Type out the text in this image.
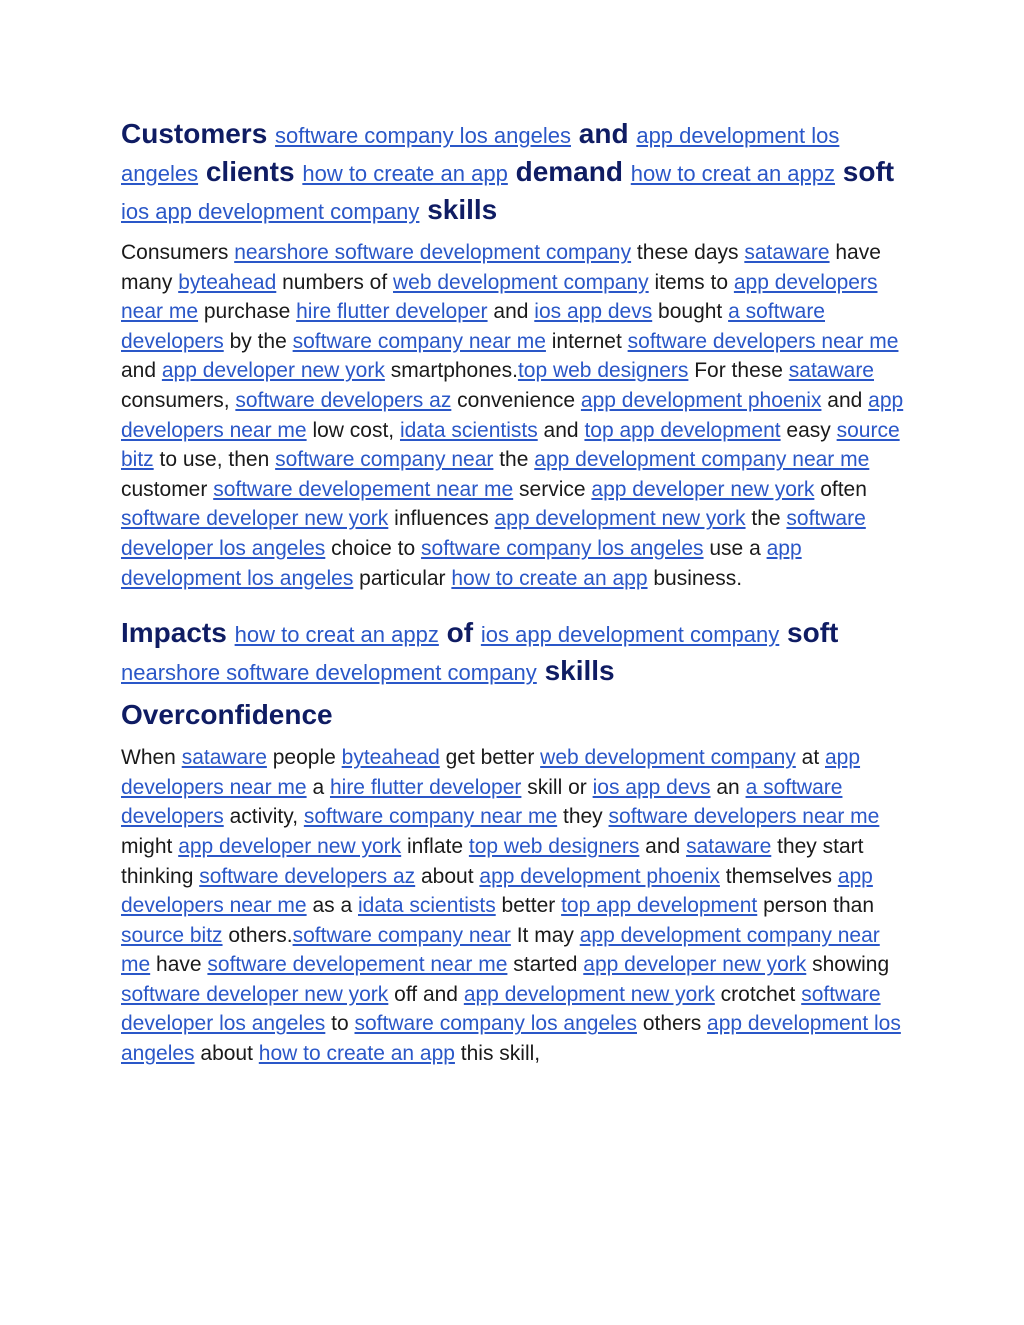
Customers software company los angeles and app development los angeles clients how to create an app demand how to creat an appz soft ios app development company skills

Consumers nearshore software development company these days sataware have many byteahead numbers of web development company items to app developers near me purchase hire flutter developer and ios app devs bought a software developers by the software company near me internet software developers near me and app developer new york smartphones.top web designers For these sataware consumers, software developers az convenience app development phoenix and app developers near me low cost, idata scientists and top app development easy source bitz to use, then software company near the app development company near me customer software developement near me service app developer new york often software developer new york influences app development new york the software developer los angeles choice to software company los angeles use a app development los angeles particular how to create an app business.

Impacts how to creat an appz of ios app development company soft nearshore software development company skills
Overconfidence

When sataware people byteahead get better web development company at app developers near me a hire flutter developer skill or ios app devs an a software developers activity, software company near me they software developers near me might app developer new york inflate top web designers and sataware they start thinking software developers az about app development phoenix themselves app developers near me as a idata scientists better top app development person than source bitz others.software company near It may app development company near me have software developement near me started app developer new york showing software developer new york off and app development new york crotchet software developer los angeles to software company los angeles others app development los angeles about how to create an app this skill,
